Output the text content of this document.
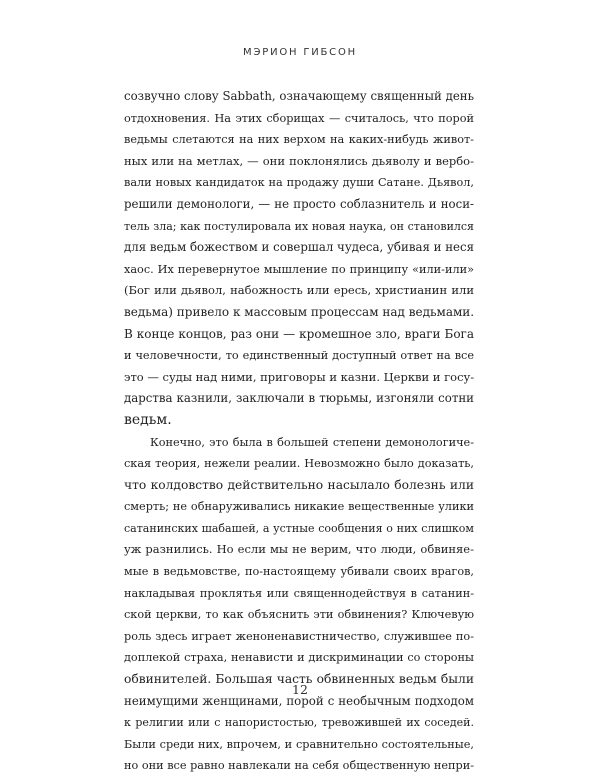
МЭРИОН ГИБСОН
созвучно слову Sabbath, означающему священный день
отдохновения. На этих сборищах — считалось, что порой
ведьмы слетаются на них верхом на каких-нибудь живот-
ных или на метлах, — они поклонялись дьяволу и вербо-
вали новых кандидаток на продажу души Сатане. Дьявол,
решили демонологи, — не просто соблазнитель и носи-
тель зла; как постулировала их новая наука, он становился
для ведьм божеством и совершал чудеса, убивая и неся
хаос. Их перевернутое мышление по принципу «или-или»
(Бог или дьявол, набожность или ересь, христианин или
ведьма) привело к массовым процессам над ведьмами.
В конце концов, раз они — кромешное зло, враги Бога
и человечности, то единственный доступный ответ на все
это — суды над ними, приговоры и казни. Церкви и госу-
дарства казнили, заключали в тюрьмы, изгоняли сотни
ведьм.
Конечно, это была в большей степени демонологиче-
ская теория, нежели реалии. Невозможно было доказать,
что колдовство действительно насылало болезнь или
смерть; не обнаруживались никакие вещественные улики
сатанинских шабашей, а устные сообщения о них слишком
уж разнились. Но если мы не верим, что люди, обвиняе-
мые в ведьмовстве, по-настоящему убивали своих врагов,
накладывая проклятья или священнодействуя в сатанин-
ской церкви, то как объяснить эти обвинения? Ключевую
роль здесь играет женоненавистничество, служившее по-
доплекой страха, ненависти и дискриминации со стороны
обвинителей. Большая часть обвиненных ведьм были
неимущими женщинами, порой с необычным подходом
к религии или с напористостью, тревожившей их соседей.
Были среди них, впрочем, и сравнительно состоятельные,
но они все равно навлекали на себя общественную непри-
12
